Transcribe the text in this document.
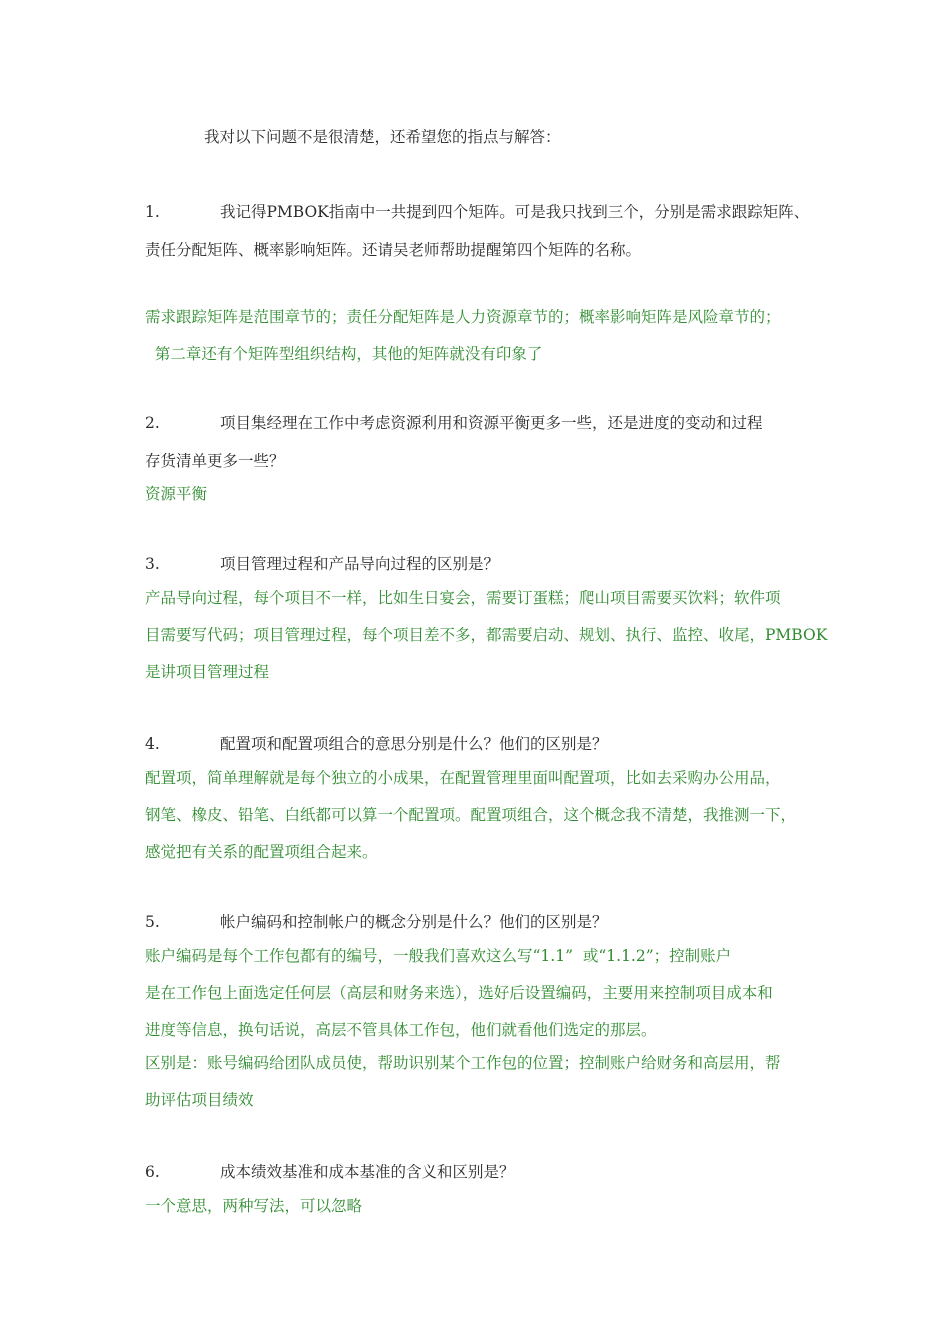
我对以下问题不是很清楚，还希望您的指点与解答：
1.	我记得PMBOK指南中一共提到四个矩阵。可是我只找到三个，分别是需求跟踪矩阵、
责任分配矩阵、概率影响矩阵。还请吴老师帮助提醒第四个矩阵的名称。
需求跟踪矩阵是范围章节的；责任分配矩阵是人力资源章节的；概率影响矩阵是风险章节的；
第二章还有个矩阵型组织结构，其他的矩阵就没有印象了
2.	项目集经理在工作中考虑资源利用和资源平衡更多一些，还是进度的变动和过程
存货清单更多一些？
资源平衡
3.	项目管理过程和产品导向过程的区别是？
产品导向过程，每个项目不一样，比如生日宴会，需要订蛋糕；爬山项目需要买饮料；软件项
目需要写代码；项目管理过程，每个项目差不多，都需要启动、规划、执行、监控、收尾，PMBOK
是讲项目管理过程
4.	配置项和配置项组合的意思分别是什么？他们的区别是？
配置项，简单理解就是每个独立的小成果，在配置管理里面叫配置项，比如去采购办公用品，
钢笔、橡皮、铅笔、白纸都可以算一个配置项。配置项组合，这个概念我不清楚，我推测一下，
感觉把有关系的配置项组合起来。
5.	帐户编码和控制帐户的概念分别是什么？他们的区别是？
账户编码是每个工作包都有的编号，一般我们喜欢这么写“1.1”  或“1.1.2”；控制账户
是在工作包上面选定任何层（高层和财务来选），选好后设置编码，主要用来控制项目成本和
进度等信息，换句话说，高层不管具体工作包，他们就看他们选定的那层。
区别是：账号编码给团队成员使，帮助识别某个工作包的位置；控制账户给财务和高层用，帮
助评估项目绩效
6.	成本绩效基准和成本基准的含义和区别是？
一个意思，两种写法，可以忽略
